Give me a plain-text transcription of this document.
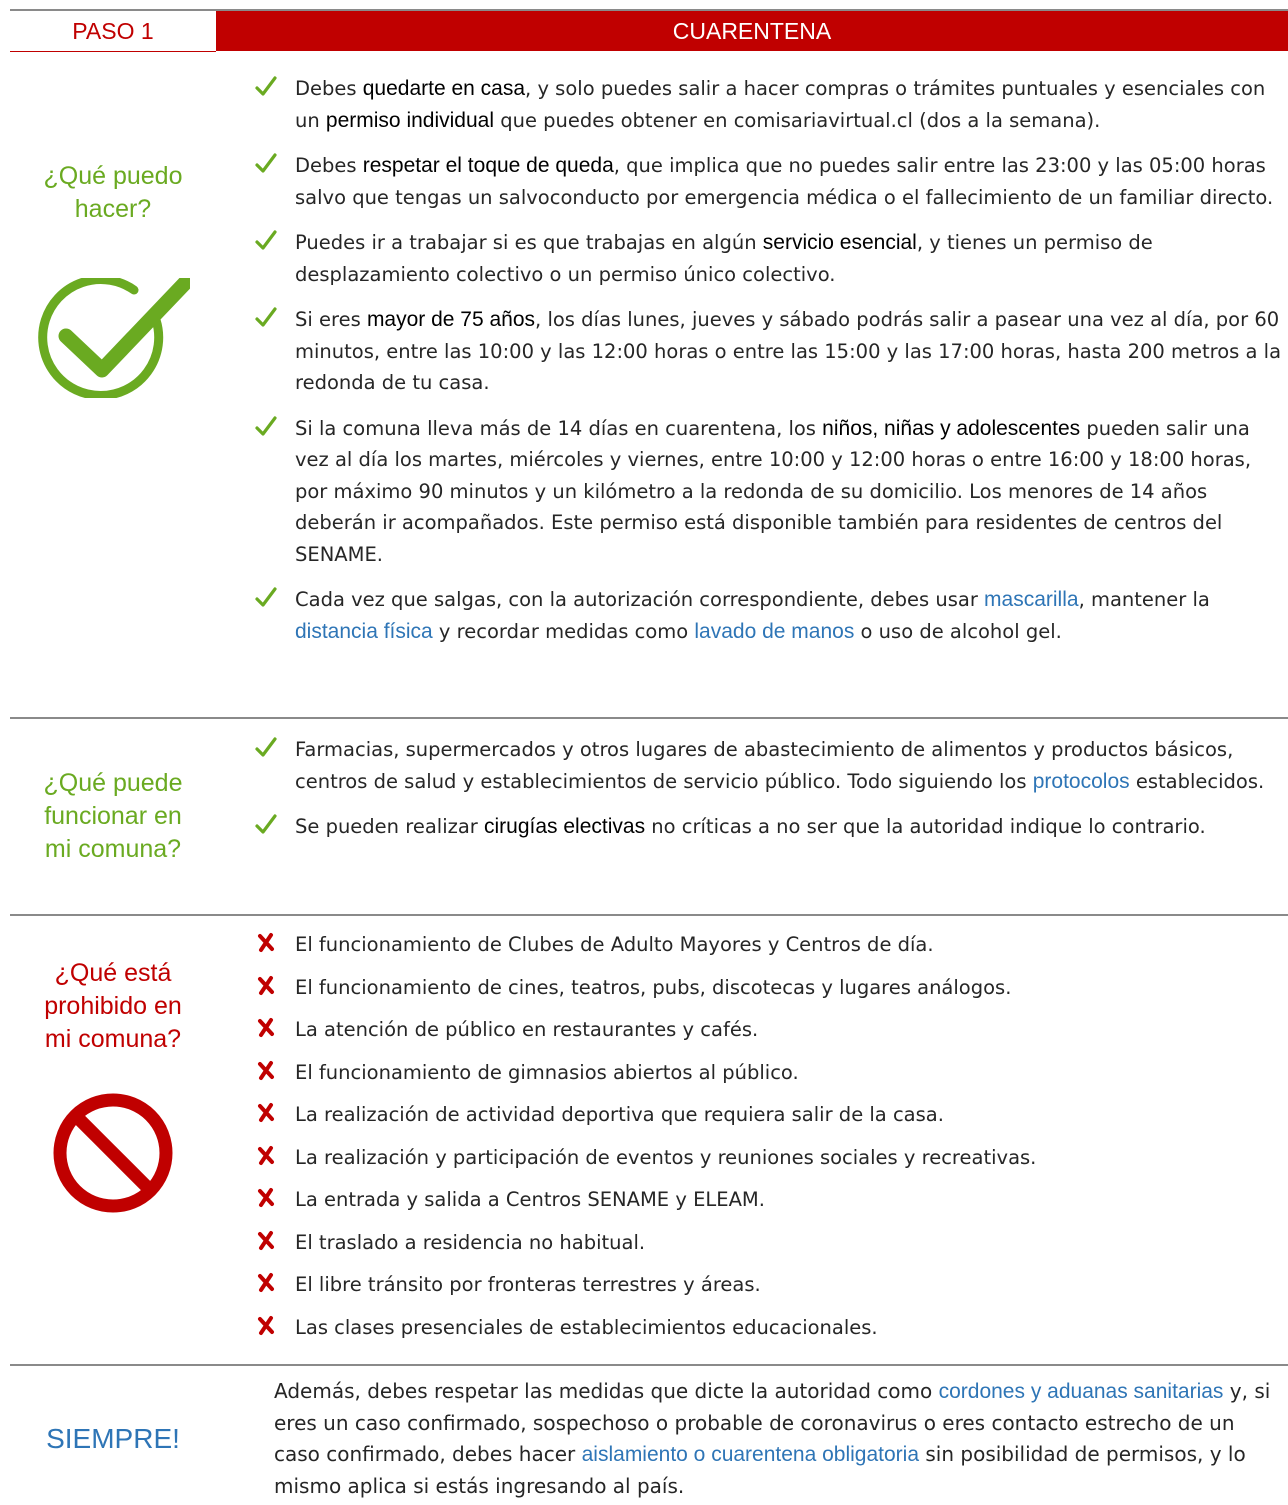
PASO 1	CUARENTENA
¿Qué puedo
hacer?
Debes quedarte en casa, y solo puedes salir a hacer compras o trámites puntuales y esenciales con un permiso individual que puedes obtener en comisariavirtual.cl (dos a la semana).
Debes respetar el toque de queda, que implica que no puedes salir entre las 23:00 y las 05:00 horas salvo que tengas un salvoconducto por emergencia médica o el fallecimiento de un familiar directo.
Puedes ir a trabajar si es que trabajas en algún servicio esencial, y tienes un permiso de desplazamiento colectivo o un permiso único colectivo.
Si eres mayor de 75 años, los días lunes, jueves y sábado podrás salir a pasear una vez al día, por 60 minutos, entre las 10:00 y las 12:00 horas o entre las 15:00 y las 17:00 horas, hasta 200 metros a la redonda de tu casa.
Si la comuna lleva más de 14 días en cuarentena, los niños, niñas y adolescentes pueden salir una vez al día los martes, miércoles y viernes, entre 10:00 y 12:00 horas o entre 16:00 y 18:00 horas, por máximo 90 minutos y un kilómetro a la redonda de su domicilio. Los menores de 14 años deberán ir acompañados. Este permiso está disponible también para residentes de centros del SENAME.
Cada vez que salgas, con la autorización correspondiente, debes usar mascarilla, mantener la distancia física y recordar medidas como lavado de manos o uso de alcohol gel.
¿Qué puede
funcionar en
mi comuna?
Farmacias, supermercados y otros lugares de abastecimiento de alimentos y productos básicos, centros de salud y establecimientos de servicio público. Todo siguiendo los protocolos establecidos.
Se pueden realizar cirugías electivas no críticas a no ser que la autoridad indique lo contrario.
¿Qué está
prohibido en
mi comuna?
El funcionamiento de Clubes de Adulto Mayores y Centros de día.
El funcionamiento de cines, teatros, pubs, discotecas y lugares análogos.
La atención de público en restaurantes y cafés.
El funcionamiento de gimnasios abiertos al público.
La realización de actividad deportiva que requiera salir de la casa.
La realización y participación de eventos y reuniones sociales y recreativas.
La entrada y salida a Centros SENAME y ELEAM.
El traslado a residencia no habitual.
El libre tránsito por fronteras terrestres y áreas.
Las clases presenciales de establecimientos educacionales.
SIEMPRE!
Además, debes respetar las medidas que dicte la autoridad como cordones y aduanas sanitarias y, si eres un caso confirmado, sospechoso o probable de coronavirus o eres contacto estrecho de un caso confirmado, debes hacer aislamiento o cuarentena obligatoria sin posibilidad de permisos, y lo mismo aplica si estás ingresando al país.
